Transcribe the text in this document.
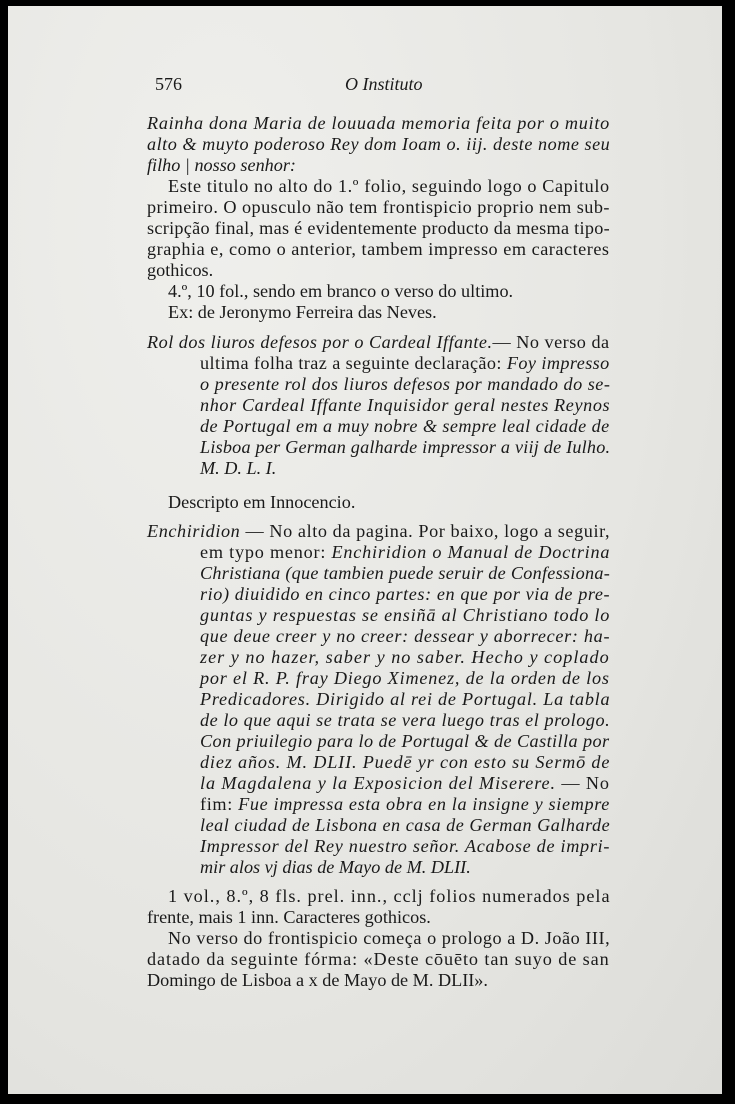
576	O Instituto
Rainha dona Maria de louuada memoria feita por o muito
alto & muyto poderoso Rey dom Ioam o. iij. deste nome seu
filho | nosso senhor:
Este titulo no alto do 1.º folio, seguindo logo o Capitulo
primeiro. O opusculo não tem frontispicio proprio nem sub-
scripção final, mas é evidentemente producto da mesma tipo-
graphia e, como o anterior, tambem impresso em caracteres
gothicos.
4.º, 10 fol., sendo em branco o verso do ultimo.
Ex: de Jeronymo Ferreira das Neves.
Rol dos liuros defesos por o Cardeal Iffante.— No verso da
ultima folha traz a seguinte declaração: Foy impresso
o presente rol dos liuros defesos por mandado do se-
nhor Cardeal Iffante Inquisidor geral nestes Reynos
de Portugal em a muy nobre & sempre leal cidade de
Lisboa per German galharde impressor a viij de Iulho.
M. D. L. I.
Descripto em Innocencio.
Enchiridion — No alto da pagina. Por baixo, logo a seguir,
em typo menor: Enchiridion o Manual de Doctrina
Christiana (que tambien puede seruir de Confessiona-
rio) diuidido en cinco partes: en que por via de pre-
guntas y respuestas se ensiñā al Christiano todo lo
que deue creer y no creer: dessear y aborrecer: ha-
zer y no hazer, saber y no saber. Hecho y coplado
por el R. P. fray Diego Ximenez, de la orden de los
Predicadores. Dirigido al rei de Portugal. La tabla
de lo que aqui se trata se vera luego tras el prologo.
Con priuilegio para lo de Portugal & de Castilla por
diez años. M. DLII. Puedē yr con esto su Sermō de
la Magdalena y la Exposicion del Miserere. — No
fim: Fue impressa esta obra en la insigne y siempre
leal ciudad de Lisbona en casa de German Galharde
Impressor del Rey nuestro señor. Acabose de impri-
mir alos vj dias de Mayo de M. DLII.
1 vol., 8.º, 8 fls. prel. inn., cclj folios numerados pela
frente, mais 1 inn. Caracteres gothicos.
No verso do frontispicio começa o prologo a D. João III,
datado da seguinte fórma: «Deste cōuēto tan suyo de san
Domingo de Lisboa a x de Mayo de M. DLII».
